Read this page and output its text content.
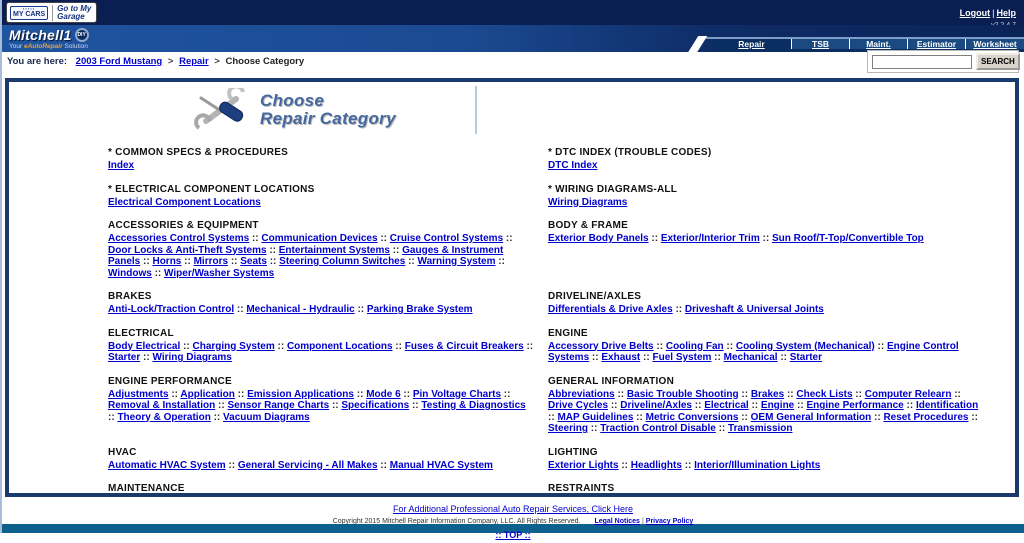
▪▪▪▪▪
MY CARS
Go to My
Garage	Logout | Help
Mitchell1	DIY
Your eAutoRepair Solution	Repair	TSB	Maint.	Estimator	Worksheet
You are here: 2003 Ford Mustang > Repair > Choose Category	SEARCH
Choose
Repair Category
* COMMON SPECS & PROCEDURES
Index
* DTC INDEX (TROUBLE CODES)
DTC Index
* ELECTRICAL COMPONENT LOCATIONS
Electrical Component Locations
* WIRING DIAGRAMS-ALL
Wiring Diagrams
ACCESSORIES & EQUIPMENT
Accessories Control Systems :: Communication Devices :: Cruise Control Systems :: Door Locks & Anti-Theft Systems :: Entertainment Systems :: Gauges & Instrument Panels :: Horns :: Mirrors :: Seats :: Steering Column Switches :: Warning System :: Windows :: Wiper/Washer Systems
BODY & FRAME
Exterior Body Panels :: Exterior/Interior Trim :: Sun Roof/T-Top/Convertible Top
BRAKES
Anti-Lock/Traction Control :: Mechanical - Hydraulic :: Parking Brake System
DRIVELINE/AXLES
Differentials & Drive Axles :: Driveshaft & Universal Joints
ELECTRICAL
Body Electrical :: Charging System :: Component Locations :: Fuses & Circuit Breakers :: Starter :: Wiring Diagrams
ENGINE
Accessory Drive Belts :: Cooling Fan :: Cooling System (Mechanical) :: Engine Control Systems :: Exhaust :: Fuel System :: Mechanical :: Starter
ENGINE PERFORMANCE
Adjustments :: Application :: Emission Applications :: Mode 6 :: Pin Voltage Charts :: Removal & Installation :: Sensor Range Charts :: Specifications :: Testing & Diagnostics :: Theory & Operation :: Vacuum Diagrams
GENERAL INFORMATION
Abbreviations :: Basic Trouble Shooting :: Brakes :: Check Lists :: Computer Relearn :: Drive Cycles :: Driveline/Axles :: Electrical :: Engine :: Engine Performance :: Identification :: MAP Guidelines :: Metric Conversions :: OEM General Information :: Reset Procedures :: Steering :: Traction Control Disable :: Transmission
HVAC
Automatic HVAC System :: General Servicing - All Makes :: Manual HVAC System
LIGHTING
Exterior Lights :: Headlights :: Interior/Illumination Lights
MAINTENANCE	RESTRAINTS
For Additional Professional Auto Repair Services, Click Here
Copyright 2015 Mitchell Repair Information Company, LLC. All Rights Reserved. Legal Notices | Privacy Policy
:: TOP ::
